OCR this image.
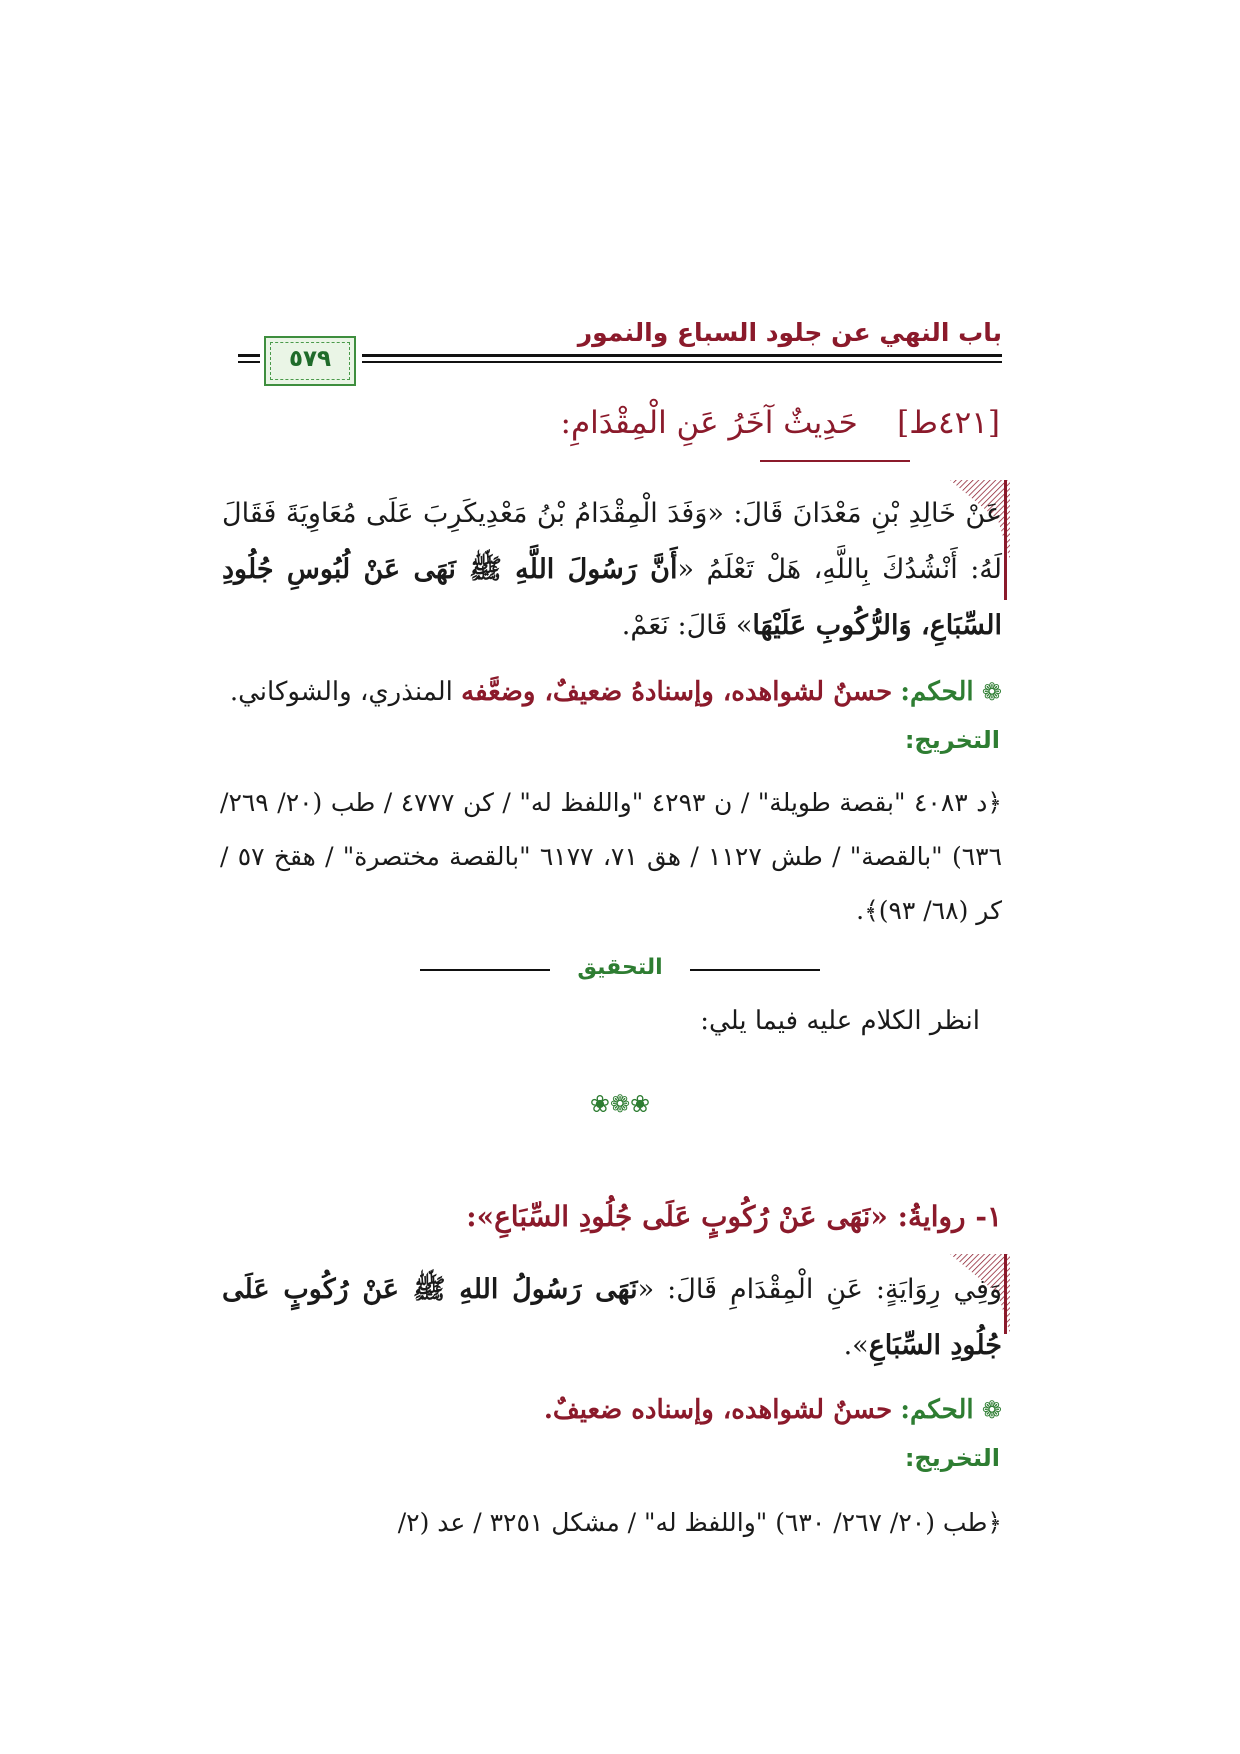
باب النهي عن جلود السباع والنمور
٥٧٩
[٤٢١ط]    حَدِيثٌ آخَرُ عَنِ الْمِقْدَامِ:
عَنْ خَالِدِ بْنِ مَعْدَانَ قَالَ: «وَفَدَ الْمِقْدَامُ بْنُ مَعْدِيكَرِبَ عَلَى مُعَاوِيَةَ فَقَالَ لَهُ: أَنْشُدُكَ بِاللَّهِ، هَلْ تَعْلَمُ «أَنَّ رَسُولَ اللَّهِ ﷺ نَهَى عَنْ لُبُوسِ جُلُودِ السِّبَاعِ، وَالرُّكُوبِ عَلَيْهَا» قَالَ: نَعَمْ.
❁ الحكم: حسنٌ لشواهده، وإسنادهُ ضعيفٌ، وضعَّفه المنذري، والشوكاني.
التخريج:
﴿د ٤٠٨٣ "بقصة طويلة" / ن ٤٢٩٣ "واللفظ له" / كن ٤٧٧٧ / طب (٢٠/ ٢٦٩/ ٦٣٦) "بالقصة" / طش ١١٢٧ / هق ٧١، ٦١٧٧ "بالقصة مختصرة" / هقخ ٥٧ / كر (٦٨/ ٩٣)﴾.
التحقيق
انظر الكلام عليه فيما يلي:
❀❁❀
١- روايةُ: «نَهَى عَنْ رُكُوبٍ عَلَى جُلُودِ السِّبَاعِ»:
وَفِي رِوَايَةٍ: عَنِ الْمِقْدَامِ قَالَ: «نَهَى رَسُولُ اللهِ ﷺ عَنْ رُكُوبٍ عَلَى جُلُودِ السِّبَاعِ».
❁ الحكم: حسنٌ لشواهده، وإسناده ضعيفٌ.
التخريج:
﴿طب (٢٠/ ٢٦٧/ ٦٣٠) "واللفظ له" / مشكل ٣٢٥١ / عد (٢/
